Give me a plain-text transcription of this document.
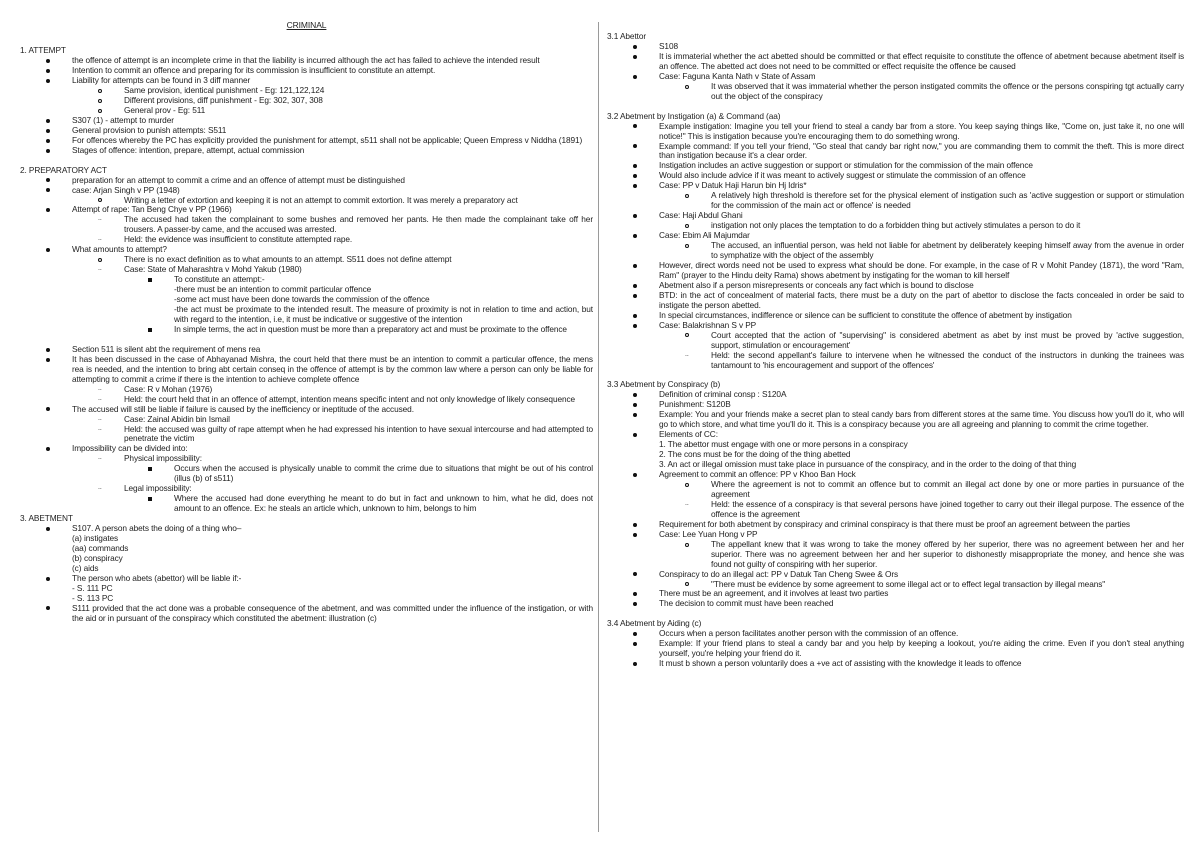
CRIMINAL
1. ATTEMPT
the offence of attempt is an incomplete crime in that the liability is incurred although the act has failed to achieve the intended result
Intention to commit an offence and preparing for its commission is insufficient to constitute an attempt.
Liability for attempts can be found in 3 diff manner
Same provision, identical punishment - Eg: 121,122,124
Different provisions, diff punishment - Eg: 302, 307, 308
General prov - Eg: 511
S307 (1) - attempt to murder
General provision to punish attempts: S511
For offences whereby the PC has explicitly provided the punishment for attempt, s511 shall not be applicable; Queen Empress v Niddha (1891)
Stages of offence: intention, prepare, attempt, actual commission
2. PREPARATORY ACT
preparation for an attempt to commit a crime and an offence of attempt must be distinguished
case: Arjan Singh v PP (1948)
Writing a letter of extortion and keeping it is not an attempt to commit extortion. It was merely a preparatory act
Attempt of rape: Tan Beng Chye v PP (1966)
..	The accused had taken the complainant to some bushes and removed her pants. He then made the complainant take off her trousers. A passer-by came, and the accused was arrested.
..	Held: the evidence was insufficient to constitute attempted rape.
What amounts to attempt?
There is no exact definition as to what amounts to an attempt. S511 does not define attempt
..	Case: State of Maharashtra v Mohd Yakub (1980)
To constitute an attempt:-
-there must be an intention to commit particular offence
-some act must have been done towards the commission of the offence
-the act must be proximate to the intended result. The measure of proximity is not in relation to time and action, but with regard to the intention, i.e, it must be indicative or suggestive of the intention
In simple terms, the act in question must be more than a preparatory act and must be proximate to the offence
Section 511 is silent abt the requirement of mens rea
It has been discussed in the case of Abhayanad Mishra, the court held that there must be an intention to commit a particular offence, the mens rea is needed, and the intention to bring abt certain conseq in the offence of attempt is by the common law where a person can only be liable for attempting to commit a crime if there is the intention to achieve complete offence
..	Case: R v Mohan (1976)
..	Held: the court held that in an offence of attempt, intention means specific intent and not only knowledge of likely consequence
The accused will still be liable if failure is caused by the inefficiency or ineptitude of the accused.
..	Case: Zainal Abidin bin Ismail
..	Held: the accused was guilty of rape attempt when he had expressed his intention to have sexual intercourse and had attempted to penetrate the victim
Impossibility can be divided into:
..	Physical impossibility:
Occurs when the accused is physically unable to commit the crime due to situations that might be out of his control (illus (b) of s511)
..	Legal impossibility:
Where the accused had done everything he meant to do but in fact and unknown to him, what he did, does not amount to an offence. Ex: he steals an article which, unknown to him, belongs to him
3. ABETMENT
S107. A person abets the doing of a thing who–
(a) instigates
(aa) commands
(b) conspiracy
(c) aids
The person who abets (abettor) will be liable if:-
- S. 111 PC
- S. 113 PC
S111 provided that the act done was a probable consequence of the abetment, and was committed under the influence of the instigation, or with the aid or in pursuant of the conspiracy which constituted the abetment: illustration (c)
3.1 Abettor
S108
It is immaterial whether the act abetted should be committed or that effect requisite to constitute the offence of abetment because abetment itself is an offence. The abetted act does not need to be committed or effect requisite the offence be caused
Case: Faguna Kanta Nath v State of Assam
It was observed that it was immaterial whether the person instigated commits the offence or the persons conspiring tgt actually carry out the object of the conspiracy
3.2 Abetment by Instigation (a) & Command (aa)
Example instigation: Imagine you tell your friend to steal a candy bar from a store. You keep saying things like, "Come on, just take it, no one will notice!" This is instigation because you're encouraging them to do something wrong.
Example command: If you tell your friend, "Go steal that candy bar right now," you are commanding them to commit the theft. This is more direct than instigation because it's a clear order.
Instigation includes an active suggestion or support or stimulation for the commission of the main offence
Would also include advice if it was meant to actively suggest or stimulate the commission of an offence
Case: PP v Datuk Haji Harun bin Hj Idris*
A relatively high threshold is therefore set for the physical element of instigation such as 'active suggestion or support or stimulation for the commission of the main act or offence' is needed
Case: Haji Abdul Ghani
instigation not only places the temptation to do a forbidden thing but actively stimulates a person to do it
Case: Ebim Ali Majumdar
The accused, an influential person, was held not liable for abetment by deliberately keeping himself away from the avenue in order to symphatize with the object of the assembly
However, direct words need not be used to express what should be done. For example, in the case of R v Mohit Pandey (1871), the word "Ram, Ram" (prayer to the Hindu deity Rama) shows abetment by instigating for the woman to kill herself
Abetment also if a person misrepresents or conceals any fact which is bound to disclose
BTD: in the act of concealment of material facts, there must be a duty on the part of abettor to disclose the facts concealed in order be said to instigate the person abetted.
In special circumstances, indifference or silence can be sufficient to constitute the offence of abetment by instigation
Case: Balakrishnan S v PP
Court accepted that the action of "supervising" is considered abetment as abet by inst must be proved by 'active suggestion, support, stimulation or encouragement'
..	Held: the second appellant's failure to intervene when he witnessed the conduct of the instructors in dunking the trainees was tantamount to 'his encouragement and support of the offences'
3.3 Abetment by Conspiracy (b)
Definition of criminal consp : S120A
Punishment: S120B
Example: You and your friends make a secret plan to steal candy bars from different stores at the same time. You discuss how you'll do it, who will go to which store, and what time you'll do it. This is a conspiracy because you are all agreeing and planning to commit the crime together.
Elements of CC:
1. The abettor must engage with one or more persons in a conspiracy
2. The cons must be for the doing of the thing abetted
3. An act or illegal omission must take place in pursuance of the conspiracy, and in the order to the doing of that thing
Agreement to commit an offence: PP v Khoo Ban Hock
Where the agreement is not to commit an offence but to commit an illegal act done by one or more parties in pursuance of the agreement
..	Held: the essence of a conspiracy is that several persons have joined together to carry out their illegal purpose. The essence of the offence is the agreement
Requirement for both abetment by conspiracy and criminal conspiracy is that there must be proof an agreement between the parties
Case: Lee Yuan Hong v PP
The appellant knew that it was wrong to take the money offered by her superior, there was no agreement between her and her superior. There was no agreement between her and her superior to dishonestly misappropriate the money, and hence she was found not guilty of conspiring with her superior.
Conspiracy to do an illegal act: PP v Datuk Tan Cheng Swee & Ors
"There must be evidence by some agreement to some illegal act or to effect legal transaction by illegal means"
There must be an agreement, and it involves at least two parties
The decision to commit must have been reached
3.4 Abetment by Aiding (c)
Occurs when a person facilitates another person with the commission of an offence.
Example: If your friend plans to steal a candy bar and you help by keeping a lookout, you're aiding the crime. Even if you don't steal anything yourself, you're helping your friend do it.
It must b shown a person voluntarily does a +ve act of assisting with the knowledge it leads to offence
